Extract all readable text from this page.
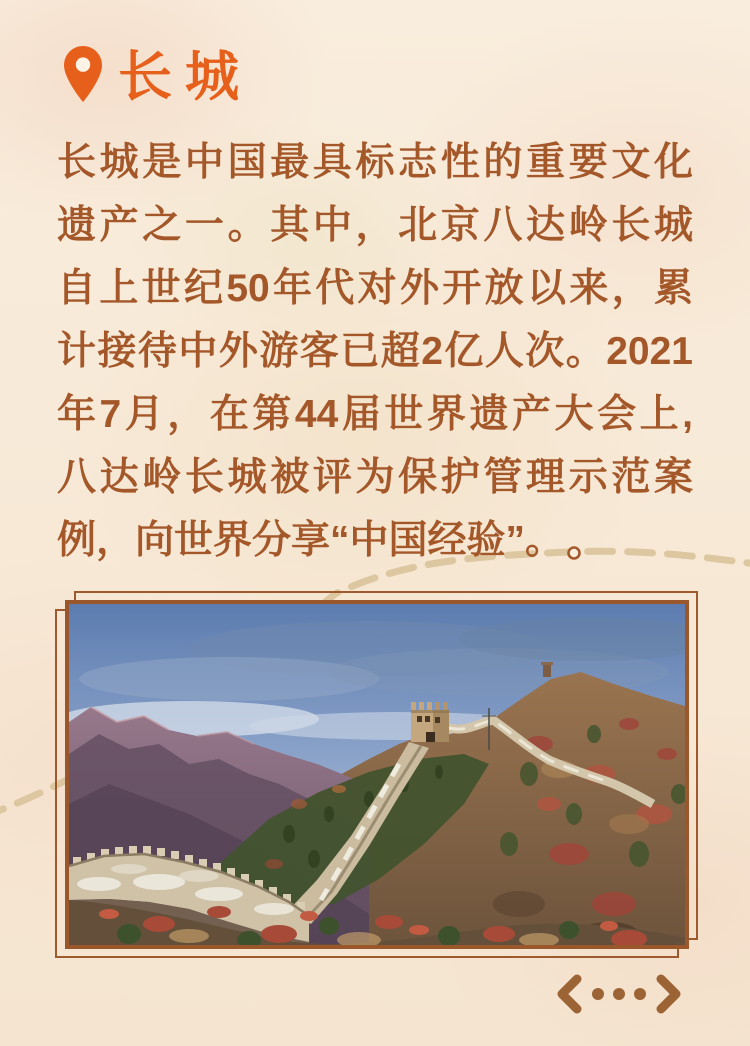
长城
长城是中国最具标志性的重要文化
遗产之一。其中，北京八达岭长城
自上世纪50年代对外开放以来，累
计接待中外游客已超2亿人次。2021
年7月，在第44届世界遗产大会上,
八达岭长城被评为保护管理示范案
例，向世界分享“中国经验”。
